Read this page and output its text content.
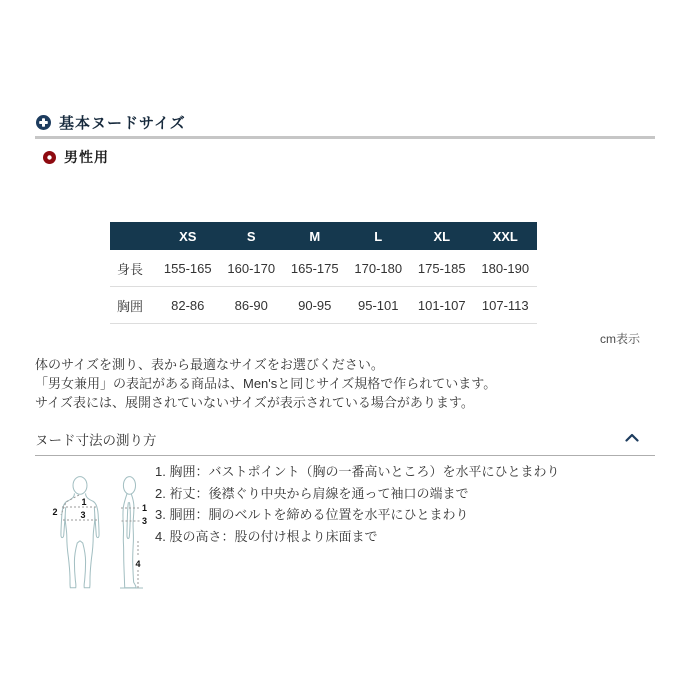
基本ヌードサイズ
男性用
	XS	S	M	L	XL	XXL
身長	155-165	160-170	165-175	170-180	175-185	180-190
胸囲	82-86	86-90	90-95	95-101	101-107	107-113
cm表示
体のサイズを測り、表から最適なサイズをお選びください。
「男女兼用」の表記がある商品は、Men'sと同じサイズ規格で作られています。
サイズ表には、展開されていないサイズが表示されている場合があります。
ヌード寸法の測り方
1
1
2	3
3
4
1. 胸囲：バストポイント（胸の一番高いところ）を水平にひとまわり
2. 裄丈：後襟ぐり中央から肩線を通って袖口の端まで
3. 胴囲：胴のベルトを締める位置を水平にひとまわり
4. 股の高さ：股の付け根より床面まで
